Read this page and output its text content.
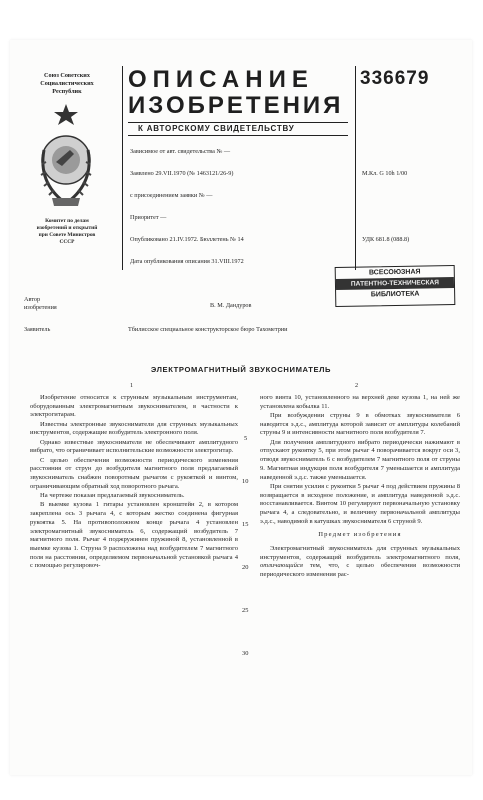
Союз Советских
Социалистических
Республик
Комитет по делам
изобретений и открытий
при Совете Министров
СССР
ОПИСАНИЕ
ИЗОБРЕТЕНИЯ
К АВТОРСКОМУ СВИДЕТЕЛЬСТВУ
336679
Зависимое от авт. свидетельства № —
Заявлено 29.VII.1970 (№ 1463121/26-9)
с присоединением заявки № —
Приоритет —
Опубликовано 21.IV.1972. Бюллетень № 14
Дата опубликования описания 31.VIII.1972
М.Кл. G 10h 1/00
УДК 681.8 (088.8)
ВСЕСОЮЗНАЯ
ПАТЕНТНО-ТЕХНИЧЕСКАЯ
БИБЛИОТЕКА
Автор
изобретения	В. М. Дандуров
Заявитель	Тбилисское специальное конструкторское бюро Тахометрии
ЭЛЕКТРОМАГНИТНЫЙ ЗВУКОСНИМАТЕЛЬ
1	2

Изобретение относится к струнным музыкальным инструментам, оборудованным электромагнитным звукоснимателем, в частности к электрогитарам.

Известны электронные звукосниматели для струнных музыкальных инструментов, содержащие возбудитель электронного поля.

Однако известные звукосниматели не обеспечивают амплитудного вибрато, что ограничивает исполнительские возможности электрогитар.

С целью обеспечения возможности периодического изменения расстояния от струн до возбудителя магнитного поля предлагаемый звукосниматель снабжен поворотным рычагом с рукояткой и винтом, ограничивающим обратный ход поворотного рычага.

На чертеже показан предлагаемый звукосниматель.

В выемке кузова 1 гитары установлен кронштейн 2, в котором закреплена ось 3 рычага 4, с которым жестко соединена фигурная рукоятка 5. На противоположном конце рычага 4 установлен электромагнитный звукосниматель 6, содержащий возбудитель 7 магнитного поля. Рычаг 4 поджружинен пружиной 8, установленной в выемке кузова 1. Струна 9 расположена над возбудителем 7 магнитного поля на расстоянии, определяемом первоначальной установкой рычага 4 с помощью регулировоч-

5
10
15
20
25
30

ного винта 10, установленного на верхней деке кузова 1, на ней же установлена кобылка 11.

При возбуждении струны 9 в обмотках звукоснимателя 6 наводится э.д.с., амплитуда которой зависит от амплитуды колебаний струны 9 и интенсивности магнитного поля возбудителя 7.

Для получения амплитудного вибрато периодически нажимают в отпускают рукоятку 5, при этом рычаг 4 поворачивается вокруг оси 3, отводя звукосниматель 6 с возбудителем 7 магнитного поля от струны 9. Магнитная индукция поля возбудителя 7 уменьшается и амплитуда наведенной э.д.с. также уменьшается.

При снятии усилия с рукоятки 5 рычаг 4 под действием пружины 8 возвращается в исходное положение, и амплитуда наведенной э.д.с. восстанавливается. Винтом 10 регулируют первоначальную установку рычага 4, а следовательно, и величину первоначальной амплитуды э.д.с., наводимой в катушках звукоснимателя 6 струной 9.

Предмет изобретения

Электромагнитный звукосниматель для струнных музыкальных инструментов, содержащий возбудитель электромагнитного поля, отличающийся тем, что, с целью обеспечения возможности периодического изменения рас-
